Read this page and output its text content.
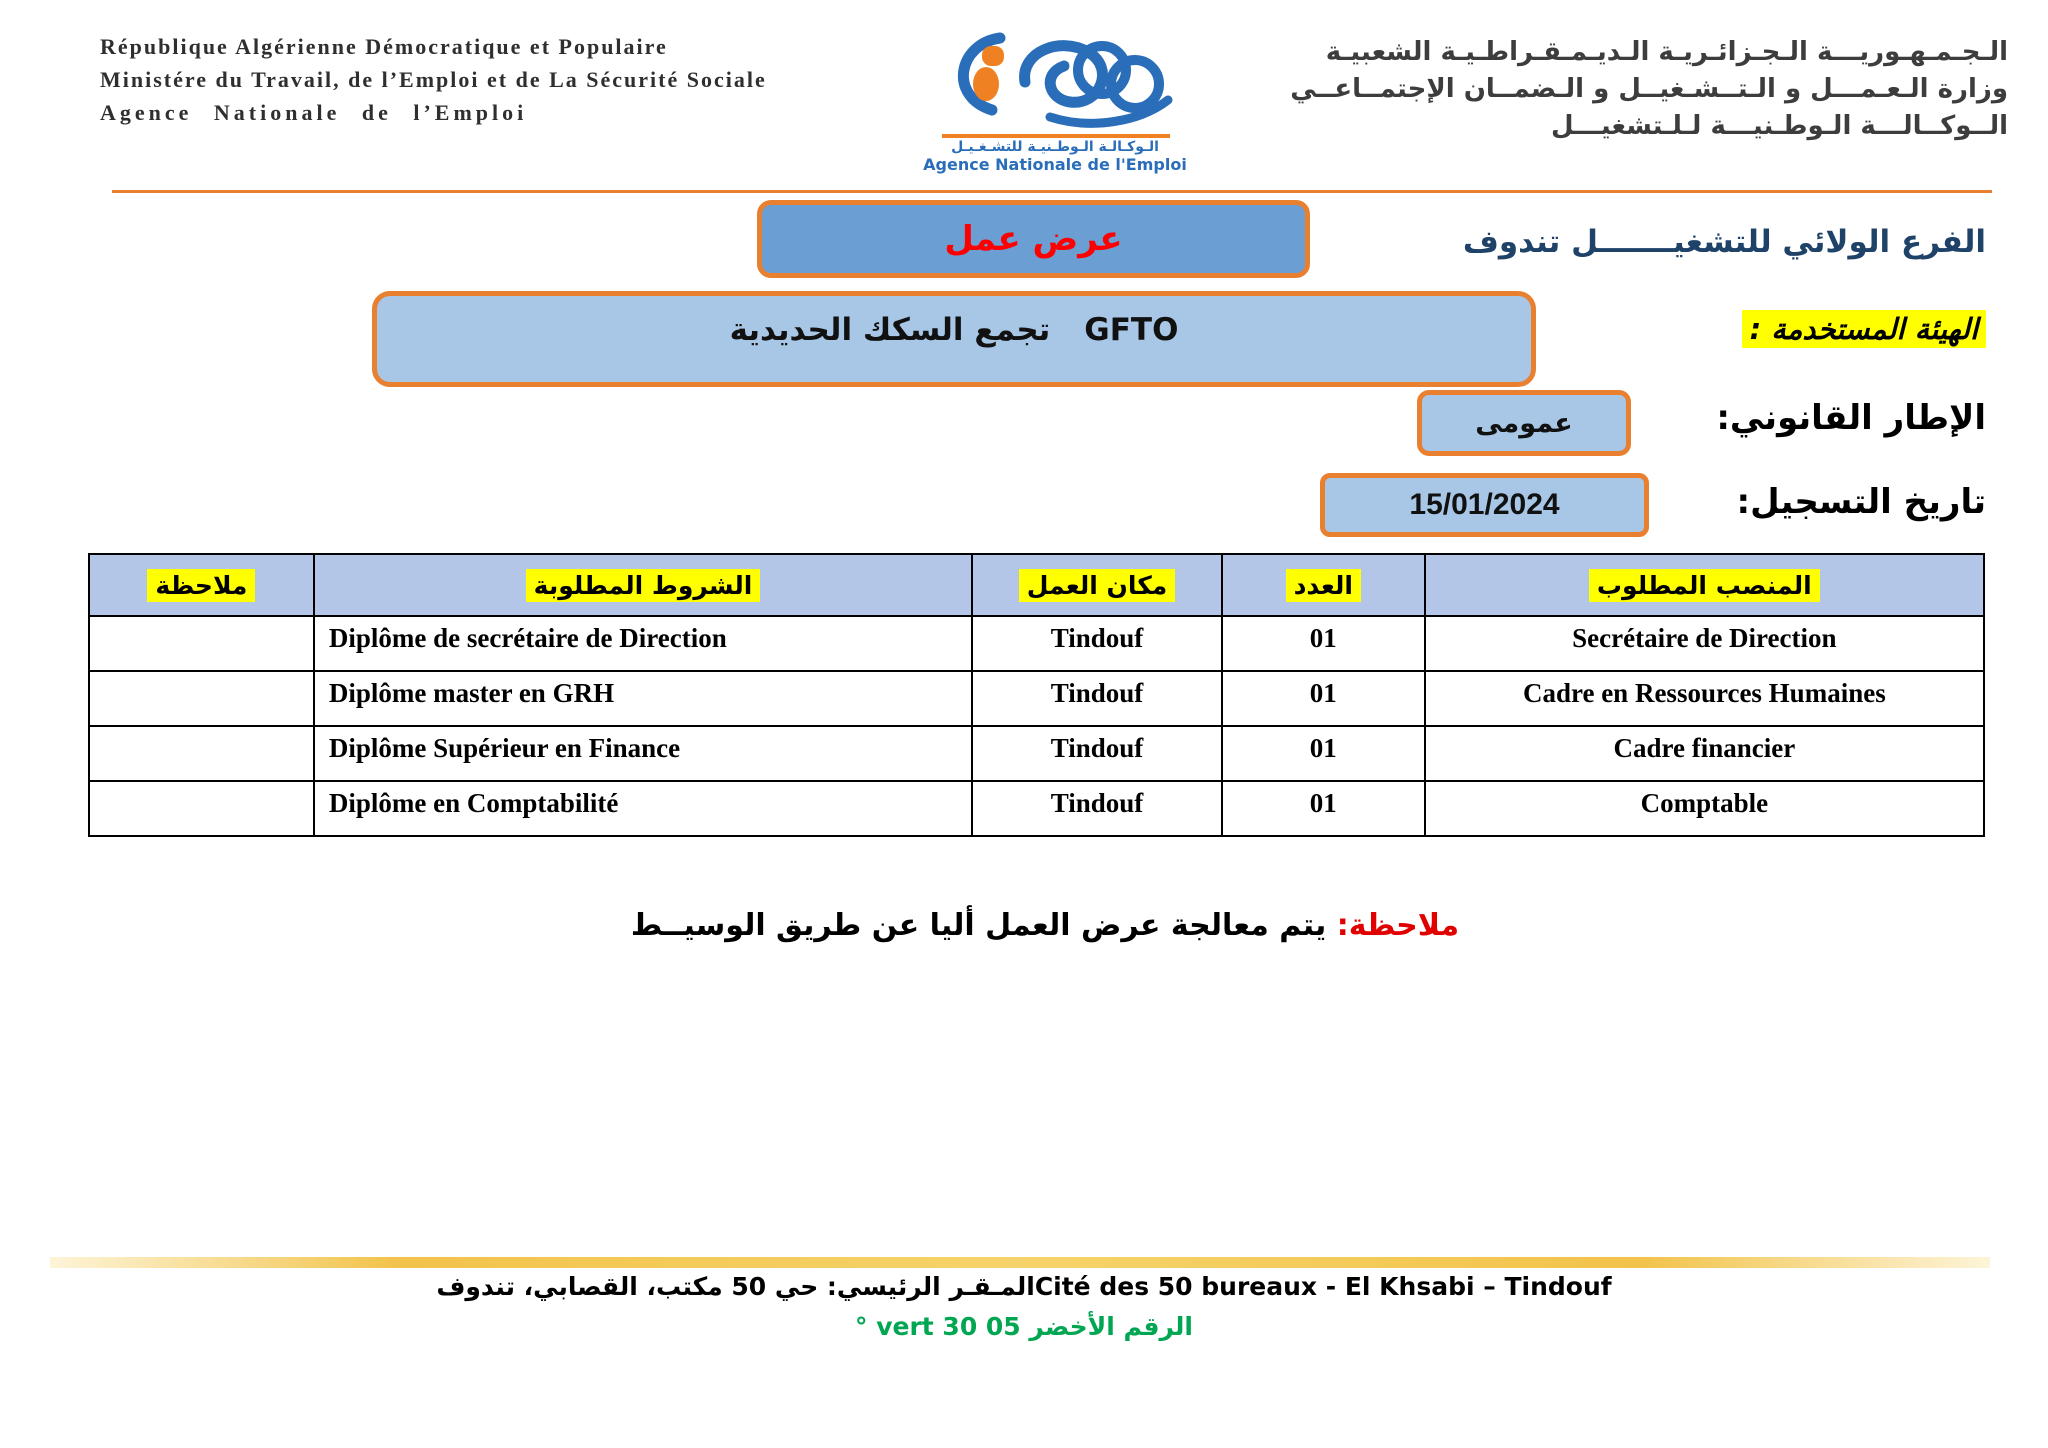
République Algérienne Démocratique et Populaire
Ministére du Travail, de l’Emploi et de La Sécurité Sociale
Agence Nationale de l’Emploi
الـوكـالـة الـوطـنيـة للتشـغـيـل
Agence Nationale de l'Emploi
الـجـمـهـوريـــة الـجـزائـريـة الـديـمـقـراطـيـة الشعبيـة
وزارة الـعـمـــل و الـتــشـغيــل و الـضمــان الإجتمــاعــي
الــوكــالـــة الـوطـنيـــة لـلـتشغيـــل
عرض عمل	الفرع الولائي للتشغيـــــــل تندوف
تجمع السكك الحديدية GFTO	الهيئة المستخدمة :
عمومى	الإطار القانوني:
15/01/2024	تاريخ التسجيل:
المنصب المطلوب	العدد	مكان العمل	الشروط المطلوبة	ملاحظة
Secrétaire de Direction	01	Tindouf	Diplôme de secrétaire de Direction	
Cadre en Ressources Humaines	01	Tindouf	Diplôme master en GRH	
Cadre financier	01	Tindouf	Diplôme Supérieur en Finance	
Comptable	01	Tindouf	Diplôme en Comptabilité	
ملاحظة: يتم معالجة عرض العمل أليا عن طريق الوسيــط
المـقـر الرئيسي: حي 50 مكتب، القصابي، تندوفCité des 50 bureaux - El Khsabi – Tindouf
° vert 30 05 الرقم الأخضر
